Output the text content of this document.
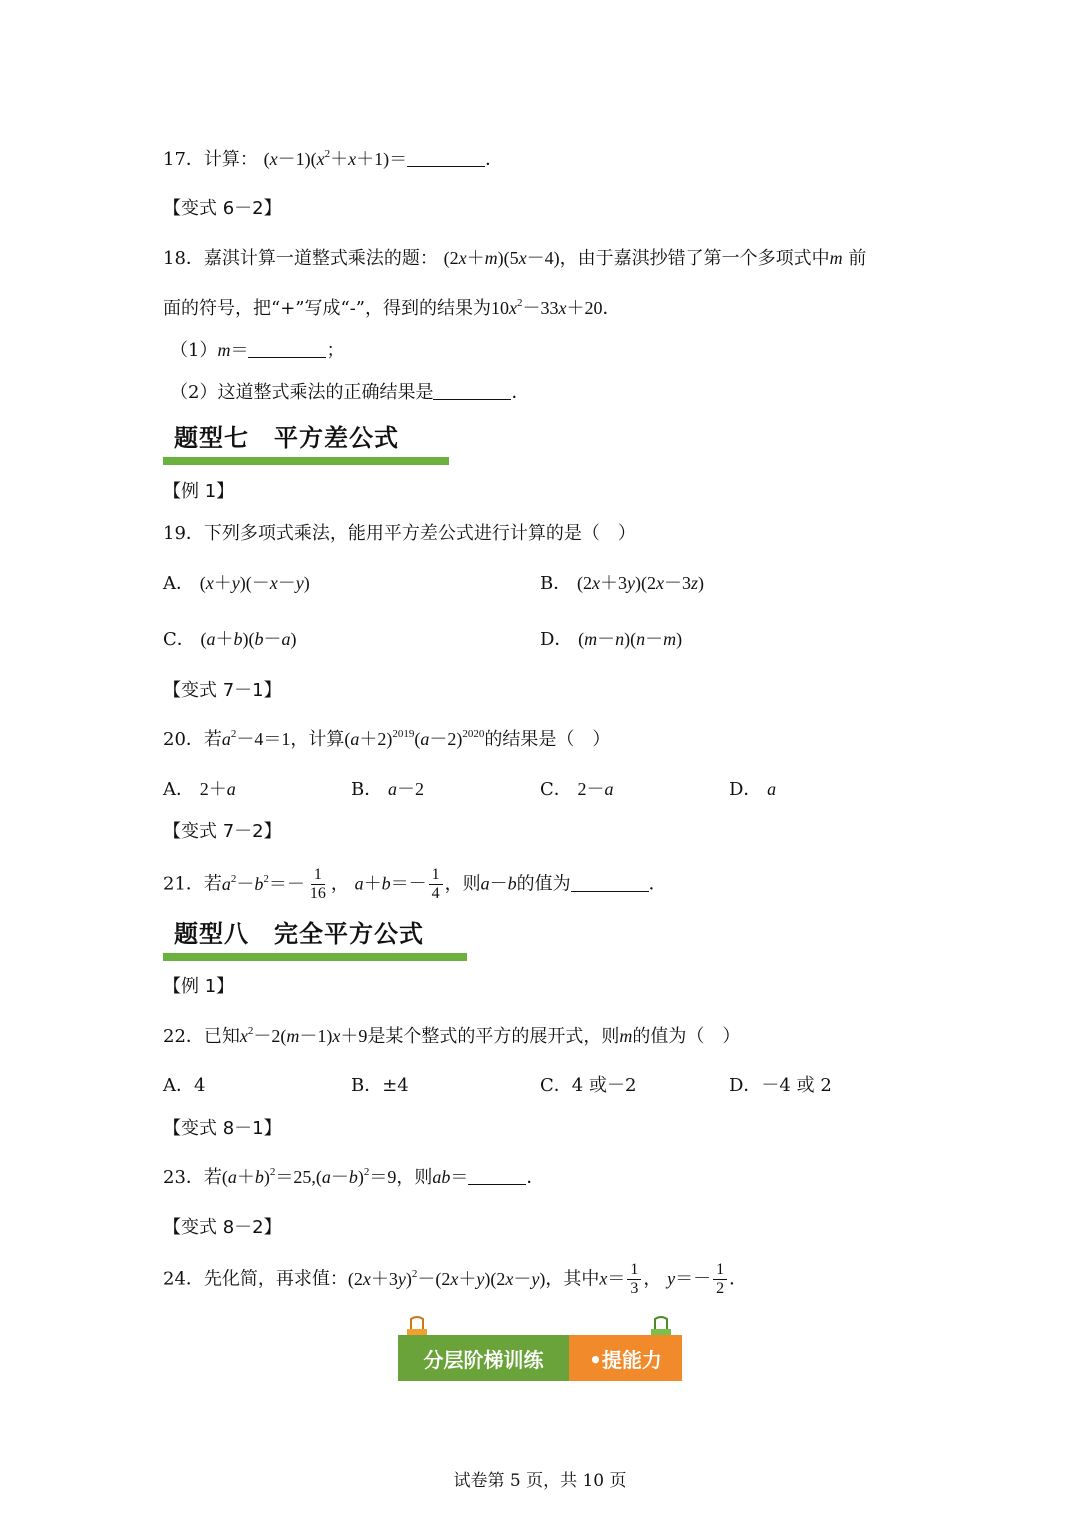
17．计算： $(x-1)(x^2+x+1)=$	．
【变式 6－2】
18．嘉淇计算一道整式乘法的题： (2x＋m)(5x－4)，由于嘉淇抄错了第一个多项式中m 前
面的符号，把“+”写成“-”，得到的结果为$10x^2-33x+20$．
（1）m＝	；
（2）这道整式乘法的正确结果是	．
题型七　平方差公式
【例 1】
19．下列多项式乘法，能用平方差公式进行计算的是（　）
A． (x＋y)(－x－y)	B． (2x＋3y)(2x－3z)
C． (a＋b)(b－a)	D． (m－n)(n－m)
【变式 7－1】
20．若$a^2-4=1$，计算$(a+2)^{2019}(a-2)^{2020}$的结果是（　）
A． 2＋a	B． a－2	C． 2－a	D． a
【变式 7－2】
21．若$a^2-b^2=- \frac{1}{16}$ ， $a+b=- \frac{1}{4}$ ，则a－b的值为	．
题型八　完全平方公式
【例 1】
22．已知$x^2-2(m-1)x+9$是某个整式的平方的展开式，则m的值为（　）
A．4	B．±4	C．4 或－2	D．－4 或 2
【变式 8－1】
23．若$(a+b)^2=25,(a-b)^2=9$，则ab＝	．
【变式 8－2】
24．先化简，再求值：$(2x+3y)^2-(2x+y)(2x-y)$，其中$x= \frac{1}{3}$ ， $y=- \frac{1}{2}$ ．
分层阶梯训练	•提能力
试卷第 5 页，共 10 页
